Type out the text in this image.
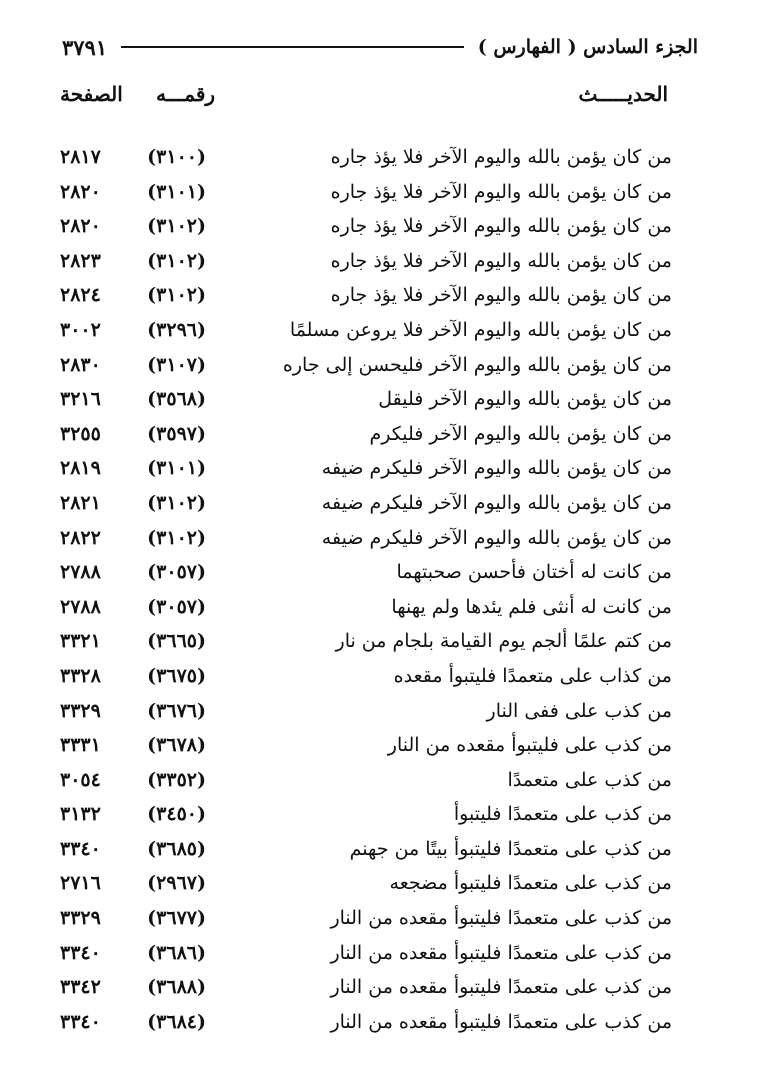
الجزء السادس ( الفهارس )
٣٧٩١
الحديـــــث
رقمـــه
الصفحة
من كان يؤمن بالله واليوم الآخر فلا يؤذ جاره
(٣١٠٠)
٢٨١٧
من كان يؤمن بالله واليوم الآخر فلا يؤذ جاره
(٣١٠١)
٢٨٢٠
من كان يؤمن بالله واليوم الآخر فلا يؤذ جاره
(٣١٠٢)
٢٨٢٠
من كان يؤمن بالله واليوم الآخر فلا يؤذ جاره
(٣١٠٢)
٢٨٢٣
من كان يؤمن بالله واليوم الآخر فلا يؤذ جاره
(٣١٠٢)
٢٨٢٤
من كان يؤمن بالله واليوم الآخر فلا يروعن مسلمًا
(٣٢٩٦)
٣٠٠٢
من كان يؤمن بالله واليوم الآخر فليحسن إلى جاره
(٣١٠٧)
٢٨٣٠
من كان يؤمن بالله واليوم الآخر فليقل
(٣٥٦٨)
٣٢١٦
من كان يؤمن بالله واليوم الآخر فليكرم
(٣٥٩٧)
٣٢٥٥
من كان يؤمن بالله واليوم الآخر فليكرم ضيفه
(٣١٠١)
٢٨١٩
من كان يؤمن بالله واليوم الآخر فليكرم ضيفه
(٣١٠٢)
٢٨٢١
من كان يؤمن بالله واليوم الآخر فليكرم ضيفه
(٣١٠٢)
٢٨٢٢
من كانت له أختان فأحسن صحبتهما
(٣٠٥٧)
٢٧٨٨
من كانت له أنثى فلم يئدها ولم يهنها
(٣٠٥٧)
٢٧٨٨
من كتم علمًا ألجم يوم القيامة بلجام من نار
(٣٦٦٥)
٣٣٢١
من كذاب على متعمدًا فليتبوأ مقعده
(٣٦٧٥)
٣٣٢٨
من كذب على ففى النار
(٣٦٧٦)
٣٣٢٩
من كذب على فليتبوأ مقعده من النار
(٣٦٧٨)
٣٣٣١
من كذب على متعمدًا
(٣٣٥٢)
٣٠٥٤
من كذب على متعمدًا فليتبوأ
(٣٤٥٠)
٣١٣٢
من كذب على متعمدًا فليتبوأ بيتًا من جهنم
(٣٦٨٥)
٣٣٤٠
من كذب على متعمدًا فليتبوأ مضجعه
(٢٩٦٧)
٢٧١٦
من كذب على متعمدًا فليتبوأ مقعده من النار
(٣٦٧٧)
٣٣٢٩
من كذب على متعمدًا فليتبوأ مقعده من النار
(٣٦٨٦)
٣٣٤٠
من كذب على متعمدًا فليتبوأ مقعده من النار
(٣٦٨٨)
٣٣٤٢
من كذب على متعمدًا فليتبوأ مقعده من النار
(٣٦٨٤)
٣٣٤٠
